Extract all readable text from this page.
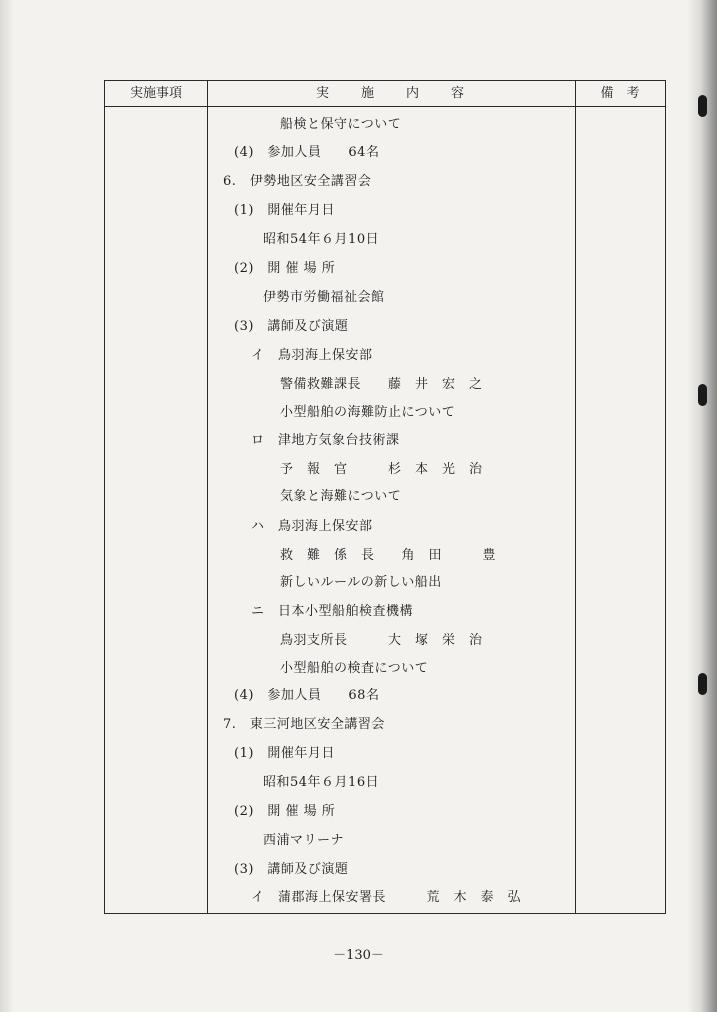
実施事項	実　　施　　内　　容	備　考
船検と保守について
(4)　参加人員　　64名
6.　伊勢地区安全講習会
(1)　開催年月日
昭和54年６月10日
(2)　開 催 場 所
伊勢市労働福祉会館
(3)　講師及び演題
イ　鳥羽海上保安部
警備救難課長　　藤　井　宏　之
小型船舶の海難防止について
ロ　津地方気象台技術課
予　報　官　　　杉　本　光　治
気象と海難について
ハ　鳥羽海上保安部
救　難　係　長　　角　田　　　豊
新しいルールの新しい船出
ニ　日本小型船舶検査機構
鳥羽支所長　　　大　塚　栄　治
小型船舶の検査について
(4)　参加人員　　68名
7.　東三河地区安全講習会
(1)　開催年月日
昭和54年６月16日
(2)　開 催 場 所
西浦マリーナ
(3)　講師及び演題
イ　蒲郡海上保安署長　　　荒　木　泰　弘
－130－
